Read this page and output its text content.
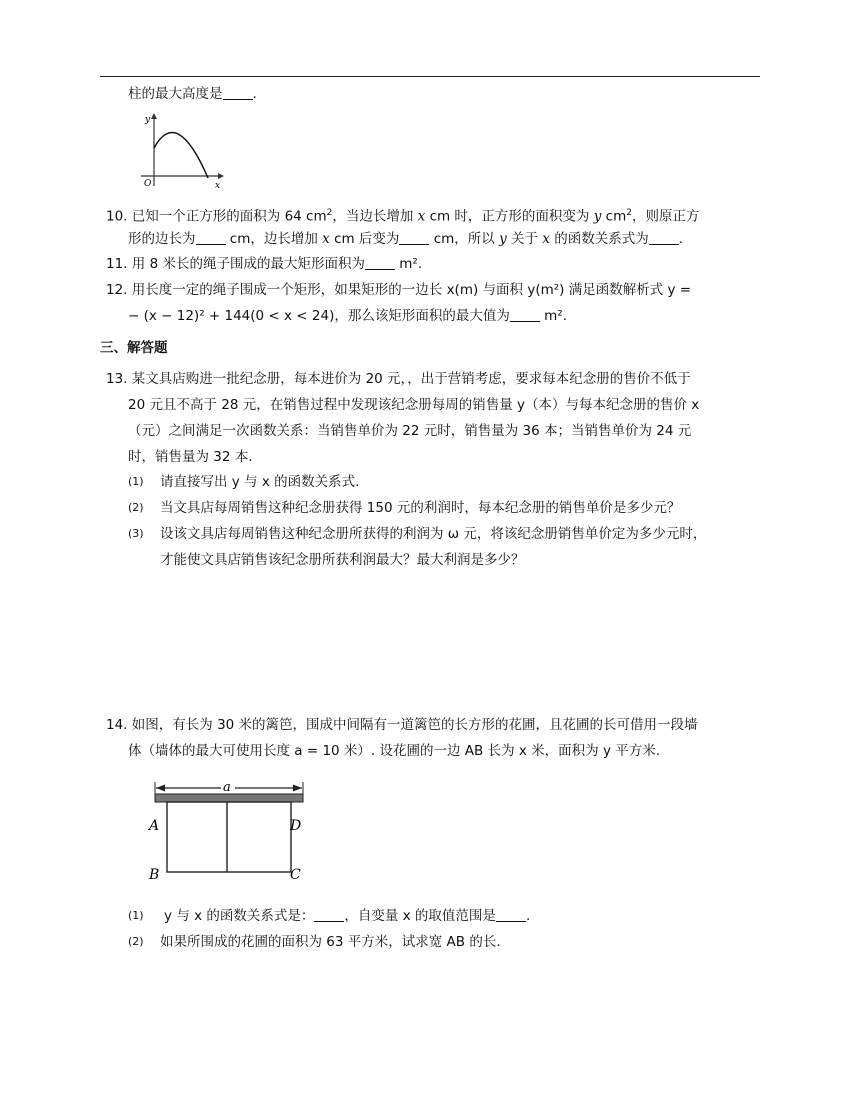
柱的最大高度是 .
y
x
O
10. 已知一个正方形的面积为 64 $cm^2$，当边长增加 x cm 时，正方形的面积变为 y $cm^2$，则原正方
形的边长为 cm，边长增加 x cm 后变为 cm，所以 y 关于 x 的函数关系式为 .
11. 用 8 米长的绳子围成的最大矩形面积为 m².
12. 用长度一定的绳子围成一个矩形，如果矩形的一边长 x(m) 与面积 y(m²) 满足函数解析式 y =
− (x − 12)² + 144(0 < x < 24)，那么该矩形面积的最大值为 m².
三、解答题
13. 某文具店购进一批纪念册，每本进价为 20 元，，出于营销考虑，要求每本纪念册的售价不低于
20 元且不高于 28 元，在销售过程中发现该纪念册每周的销售量 y（本）与每本纪念册的售价 x
（元）之间满足一次函数关系：当销售单价为 22 元时，销售量为 36 本；当销售单价为 24 元
时，销售量为 32 本.
(1) 请直接写出 y 与 x 的函数关系式.
(2) 当文具店每周销售这种纪念册获得 150 元的利润时，每本纪念册的销售单价是多少元？
(3) 设该文具店每周销售这种纪念册所获得的利润为 ω 元，将该纪念册销售单价定为多少元时，
才能使文具店销售该纪念册所获利润最大？最大利润是多少？
14. 如图，有长为 30 米的篱笆，围成中间隔有一道篱笆的长方形的花圃，且花圃的长可借用一段墙
体（墙体的最大可使用长度 a = 10 米）. 设花圃的一边 AB 长为 x 米，面积为 y 平方米.
a
A	D
B	C
(1) y 与 x 的函数关系式是： ，自变量 x 的取值范围是 .
(2) 如果所围成的花圃的面积为 63 平方米，试求宽 AB 的长.
